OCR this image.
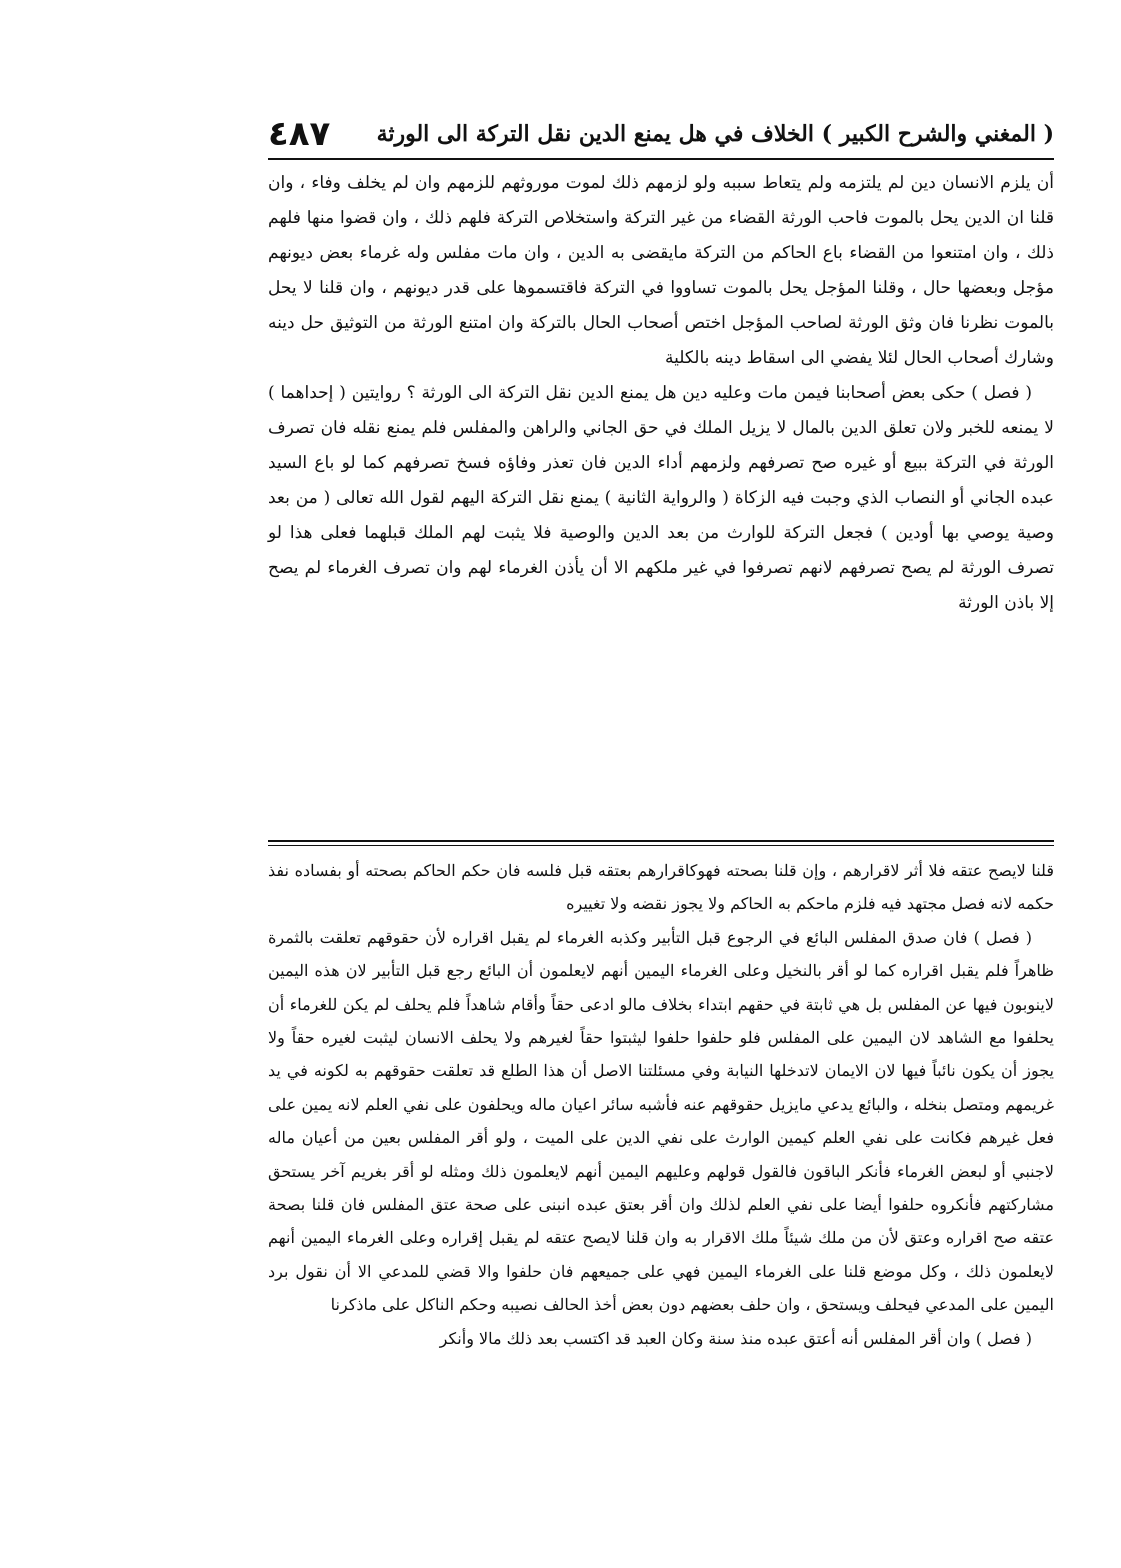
( المغني والشرح الكبير ) الخلاف في هل يمنع الدين نقل التركة الى الورثة
٤٨٧

أن يلزم الانسان دين لم يلتزمه ولم يتعاط سببه ولو لزمهم ذلك لموت موروثهم للزمهم وان لم يخلف وفاء ، وان قلنا ان الدين يحل بالموت فاحب الورثة القضاء من غير التركة واستخلاص التركة فلهم ذلك ، وان قضوا منها فلهم ذلك ، وان امتنعوا من القضاء باع الحاكم من التركة مايقضى به الدين ، وان مات مفلس وله غرماء بعض ديونهم مؤجل وبعضها حال ، وقلنا المؤجل يحل بالموت تساووا في التركة فاقتسموها على قدر ديونهم ، وان قلنا لا يحل بالموت نظرنا فان وثق الورثة لصاحب المؤجل اختص أصحاب الحال بالتركة وان امتنع الورثة من التوثيق حل دينه وشارك أصحاب الحال لئلا يفضي الى اسقاط دينه بالكلية

( فصل ) حكى بعض أصحابنا فيمن مات وعليه دين هل يمنع الدين نقل التركة الى الورثة ؟ روايتين ( إحداهما ) لا يمنعه للخبر ولان تعلق الدين بالمال لا يزيل الملك في حق الجاني والراهن والمفلس فلم يمنع نقله فان تصرف الورثة في التركة ببيع أو غيره صح تصرفهم ولزمهم أداء الدين فان تعذر وفاؤه فسخ تصرفهم كما لو باع السيد عبده الجاني أو النصاب الذي وجبت فيه الزكاة ( والرواية الثانية ) يمنع نقل التركة اليهم لقول الله تعالى ( من بعد وصية يوصي بها أودين ) فجعل التركة للوارث من بعد الدين والوصية فلا يثبت لهم الملك قبلهما فعلى هذا لو تصرف الورثة لم يصح تصرفهم لانهم تصرفوا في غير ملكهم الا أن يأذن الغرماء لهم وان تصرف الغرماء لم يصح إلا باذن الورثة

قلنا لايصح عتقه فلا أثر لاقرارهم ، وإن قلنا بصحته فهوكاقرارهم بعتقه قبل فلسه فان حكم الحاكم بصحته أو بفساده نفذ حكمه لانه فصل مجتهد فيه فلزم ماحكم به الحاكم ولا يجوز نقضه ولا تغييره

( فصل ) فان صدق المفلس البائع في الرجوع قبل التأبير وكذبه الغرماء لم يقبل اقراره لأن حقوقهم تعلقت بالثمرة ظاهراً فلم يقبل اقراره كما لو أقر بالنخيل وعلى الغرماء اليمين أنهم لايعلمون أن البائع رجع قبل التأبير لان هذه اليمين لاينوبون فيها عن المفلس بل هي ثابتة في حقهم ابتداء بخلاف مالو ادعى حقاً وأقام شاهداً فلم يحلف لم يكن للغرماء أن يحلفوا مع الشاهد لان اليمين على المفلس فلو حلفوا حلفوا ليثبتوا حقاً لغيرهم ولا يحلف الانسان ليثبت لغيره حقاً ولا يجوز أن يكون نائباً فيها لان الايمان لاتدخلها النيابة وفي مسئلتنا الاصل أن هذا الطلع قد تعلقت حقوقهم به لكونه في يد غريمهم ومتصل بنخله ، والبائع يدعي مايزيل حقوقهم عنه فأشبه سائر اعيان ماله ويحلفون على نفي العلم لانه يمين على فعل غيرهم فكانت على نفي العلم كيمين الوارث على نفي الدين على الميت ، ولو أقر المفلس بعين من أعيان ماله لاجنبي أو لبعض الغرماء فأنكر الباقون فالقول قولهم وعليهم اليمين أنهم لايعلمون ذلك ومثله لو أقر بغريم آخر يستحق مشاركتهم فأنكروه حلفوا أيضا على نفي العلم لذلك وان أقر بعتق عبده انبنى على صحة عتق المفلس فان قلنا بصحة عتقه صح اقراره وعتق لأن من ملك شيئاً ملك الاقرار به وان قلنا لايصح عتقه لم يقبل إقراره وعلى الغرماء اليمين أنهم لايعلمون ذلك ، وكل موضع قلنا على الغرماء اليمين فهي على جميعهم فان حلفوا والا قضي للمدعي الا أن نقول برد اليمين على المدعي فيحلف ويستحق ، وان حلف بعضهم دون بعض أخذ الحالف نصيبه وحكم الناكل على ماذكرنا

( فصل ) وان أقر المفلس أنه أعتق عبده منذ سنة وكان العبد قد اكتسب بعد ذلك مالا وأنكر
